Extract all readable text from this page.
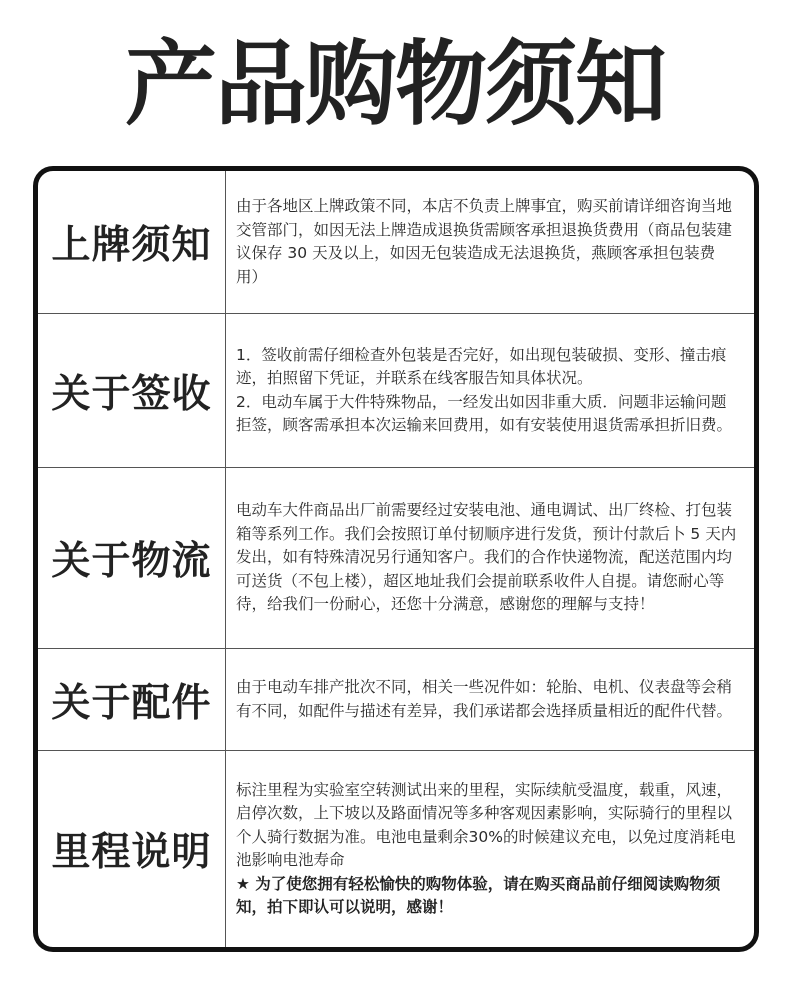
产品购物须知
上牌须知

由于各地区上牌政策不同，本店不负责上牌事宜，购买前请详细咨询当地交管部门，如因无法上牌造成退换货需顾客承担退换货费用（商品包装建议保存 30 天及以上，如因无包装造成无法退换货，燕顾客承担包装费用）

关于签收

1．签收前需仔细检查外包装是否完好，如出现包装破损、变形、撞击痕迹，拍照留下凭证，并联系在线客服告知具体状况。

2．电动车属于大件特殊物品，一经发出如因非重大质．问题非运输问题拒签，顾客需承担本次运输来回费用，如有安装使用退货需承担折旧费。

关于物流

电动车大件商品出厂前需要经过安装电池、通电调试、出厂终检、打包装箱等系列工作。我们会按照订单付韧顺序进行发货，预计付款后卜 5 天内发出，如有特殊清况另行通知客户。我们的合作快递物流，配送范围内均可送货（不包上楼），超区地址我们会提前联系收件人自提。请您耐心等待，给我们一份耐心，还您十分满意，感谢您的理解与支持！

关于配件	由于电动车排产批次不同，相关一些况件如：轮胎、电机、仪表盘等会稍有不同，如配件与描述有差异，我们承诺都会选择质量相近的配件代替。

里程说明

标注里程为实验室空转测试出来的里程，实际续航受温度，载重，风速，启停次数，上下坡以及路面情况等多种客观因素影响，实际骑行的里程以个人骑行数据为准。电池电量剩余30%的时候建议充电，以免过度消耗电池影响电池寿命

★ 为了使您拥有轻松愉快的购物体验，请在购买商品前仔细阅读购物须知，拍下即认可以说明，感谢！
